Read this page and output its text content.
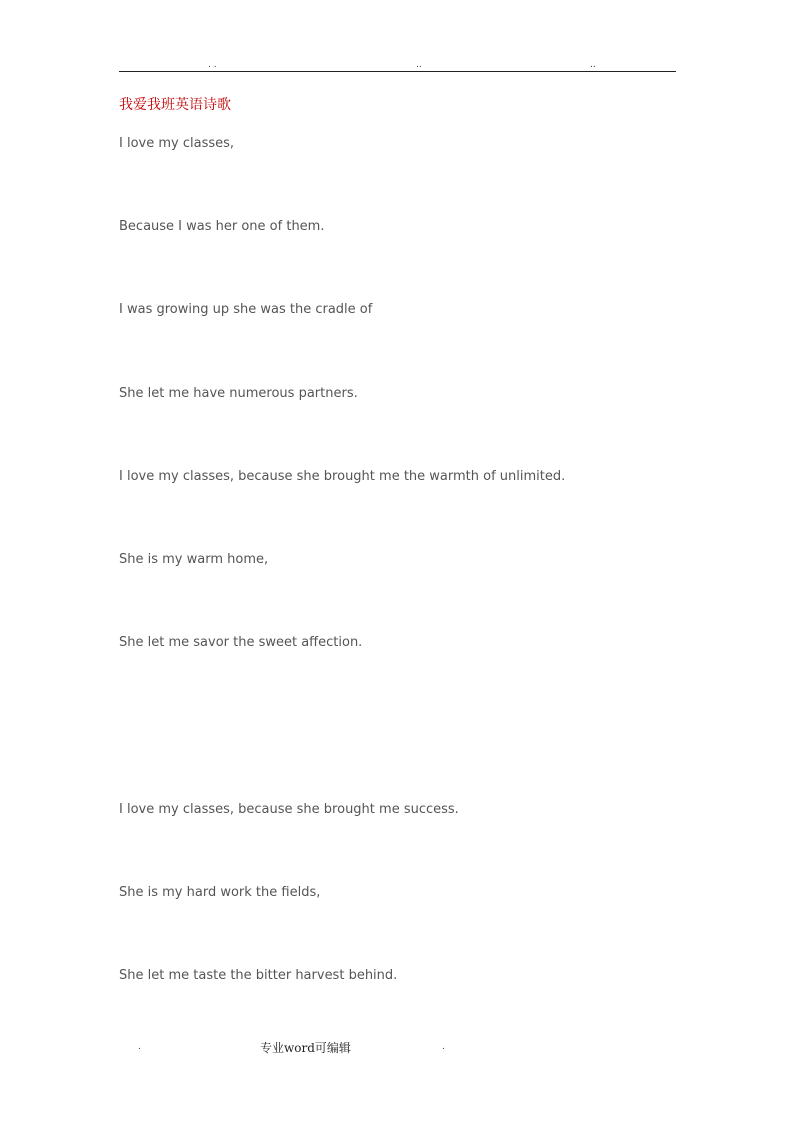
. .	..	..
我爱我班英语诗歌
I love my classes,
Because I was her one of them.
I was growing up she was the cradle of
She let me have numerous partners.
I love my classes, because she brought me the warmth of unlimited.
She is my warm home,
She let me savor the sweet affection.
I love my classes, because she brought me success.
She is my hard work the fields,
She let me taste the bitter harvest behind.
.	专业word可编辑	.
